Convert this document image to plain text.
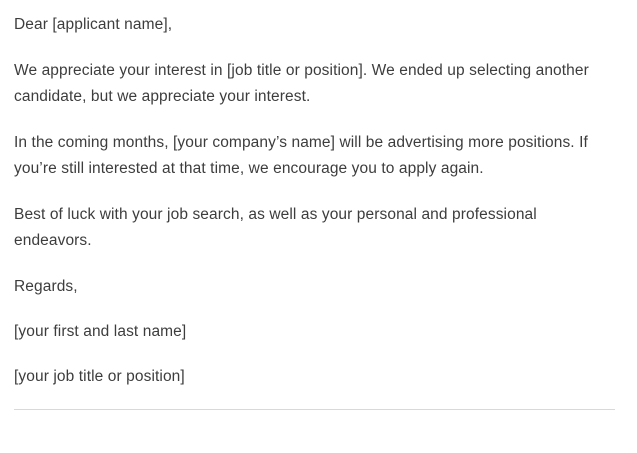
Dear [applicant name],

We appreciate your interest in [job title or position]. We ended up selecting another candidate, but we appreciate your interest.

In the coming months, [your company’s name] will be advertising more positions. If you’re still interested at that time, we encourage you to apply again.

Best of luck with your job search, as well as your personal and professional endeavors.

Regards,

[your first and last name]

[your job title or position]
